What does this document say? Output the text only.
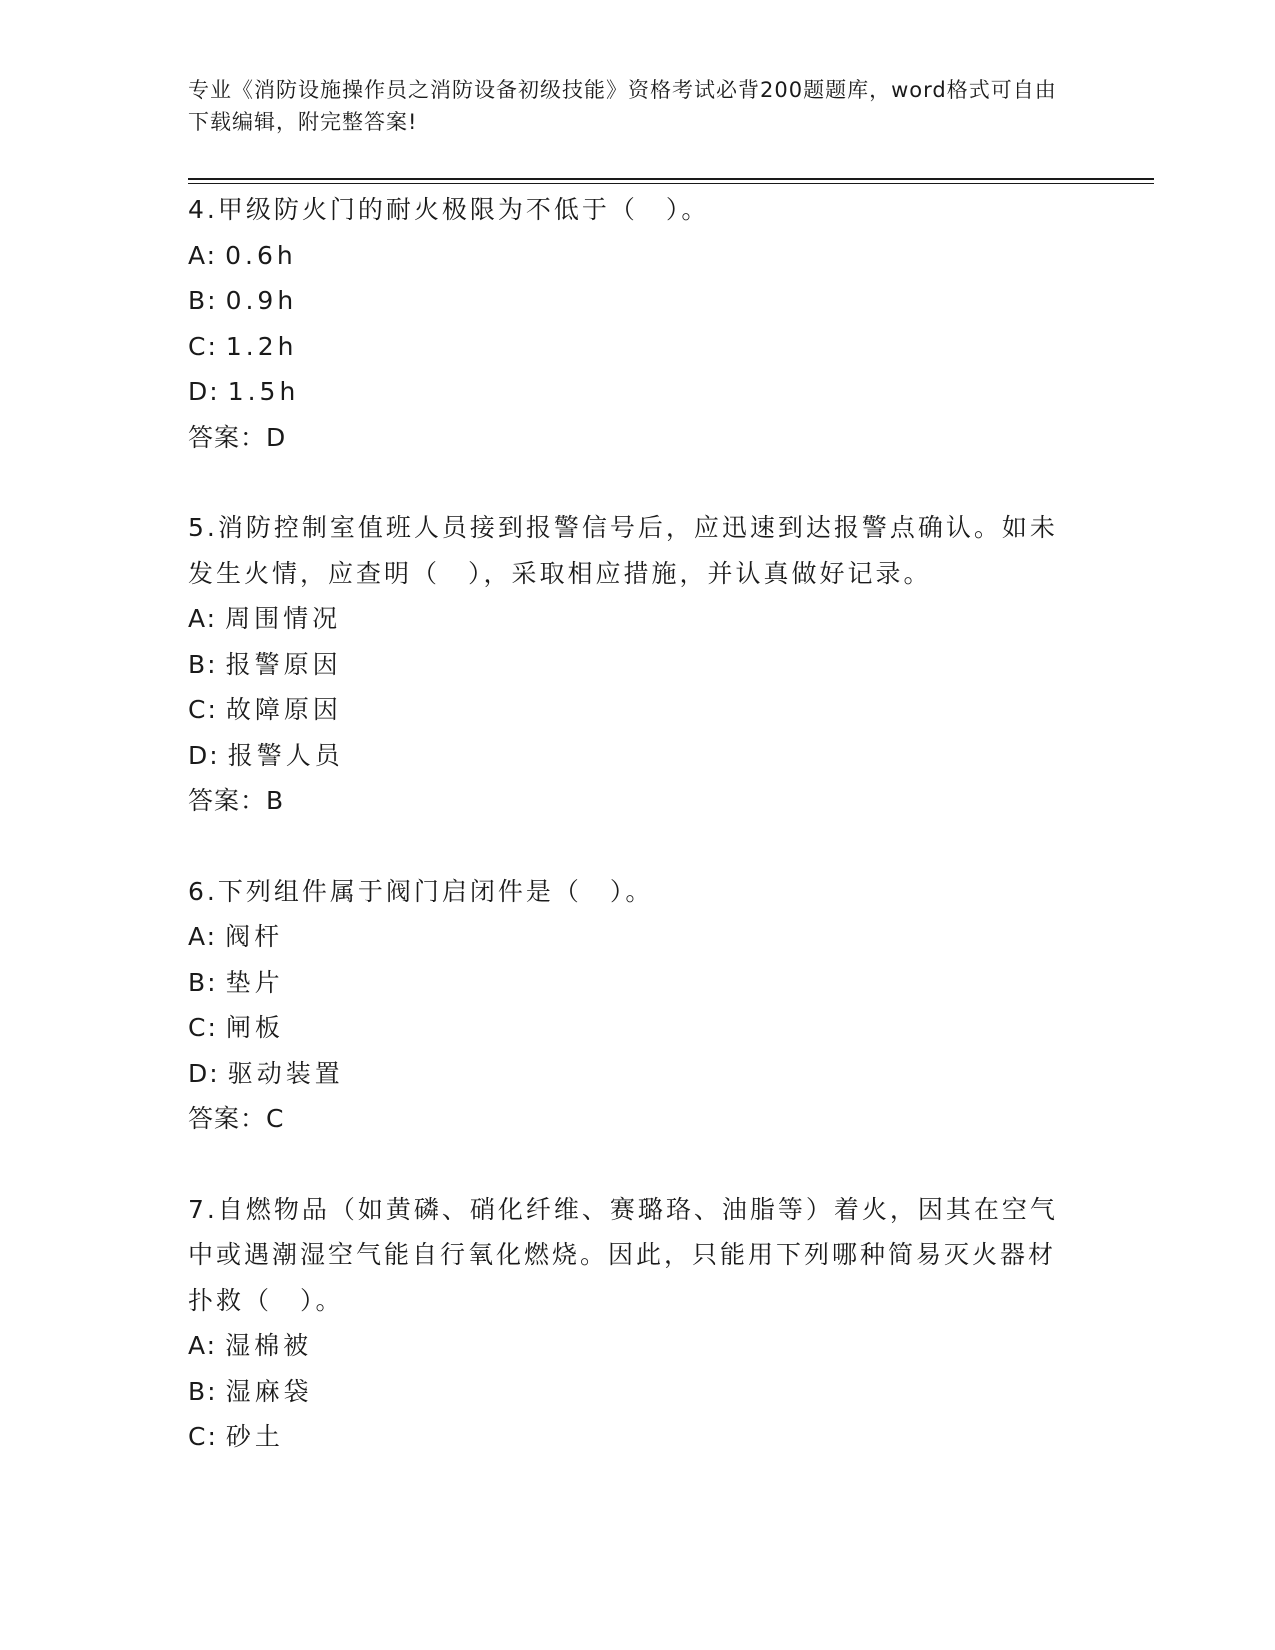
专业《消防设施操作员之消防设备初级技能》资格考试必背200题题库，word格式可自由下载编辑，附完整答案!

4.甲级防火门的耐火极限为不低于（　）。

A: 0.6h

B: 0.9h

C: 1.2h

D: 1.5h

答案：D

5.消防控制室值班人员接到报警信号后，应迅速到达报警点确认。如未发生火情，应查明（　），采取相应措施，并认真做好记录。

A: 周围情况

B: 报警原因

C: 故障原因

D: 报警人员

答案：B

6.下列组件属于阀门启闭件是（　）。

A: 阀杆

B: 垫片

C: 闸板

D: 驱动装置

答案：C

7.自燃物品（如黄磷、硝化纤维、赛璐珞、油脂等）着火，因其在空气中或遇潮湿空气能自行氧化燃烧。因此，只能用下列哪种简易灭火器材扑救（　）。

A: 湿棉被

B: 湿麻袋

C: 砂土
